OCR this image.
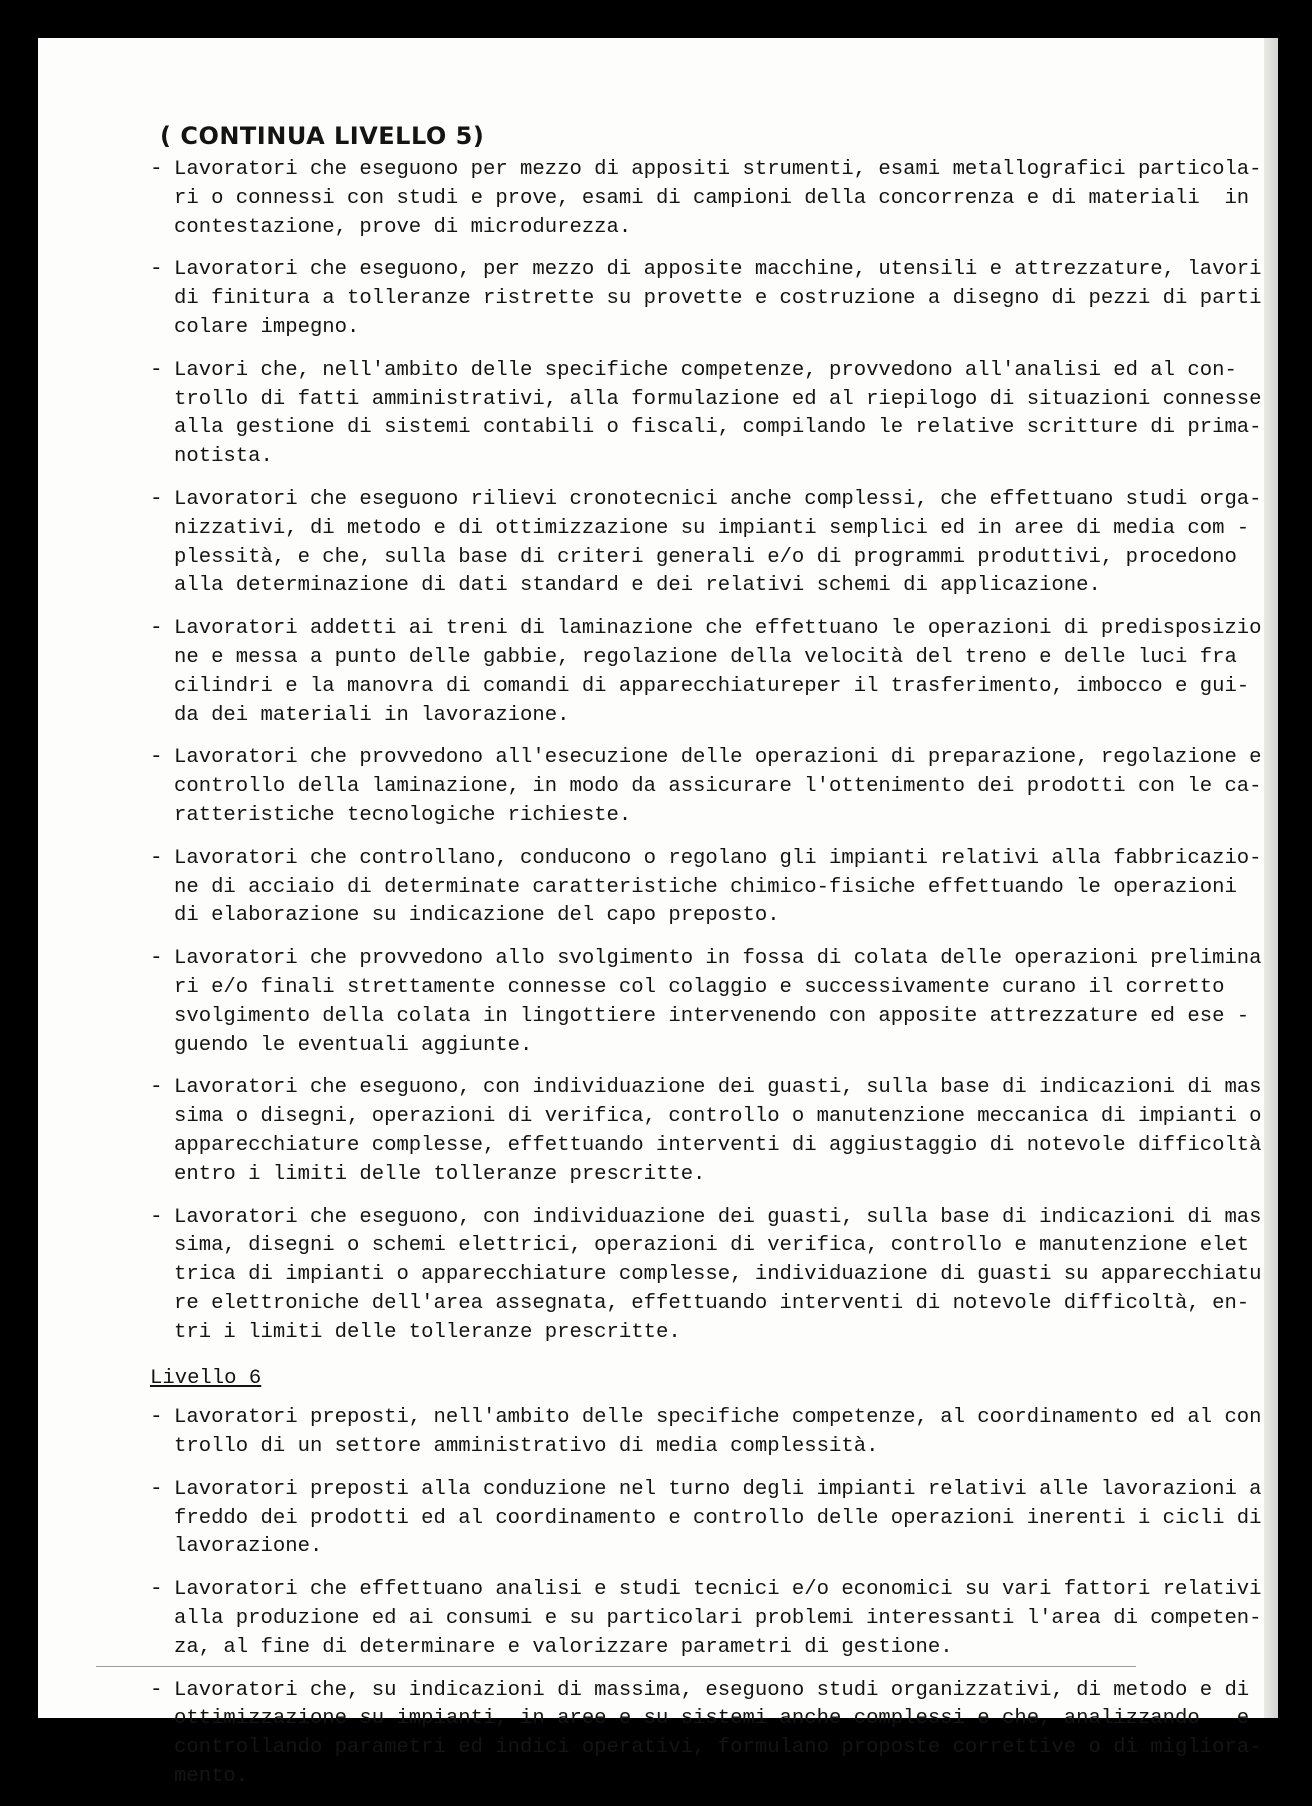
( CONTINUA LIVELLO 5)
- Lavoratori che eseguono per mezzo di appositi strumenti, esami metallografici particola-
ri o connessi con studi e prove, esami di campioni della concorrenza e di materiali  in
contestazione, prove di microdurezza.
- Lavoratori che eseguono, per mezzo di apposite macchine, utensili e attrezzature, lavori
di finitura a tolleranze ristrette su provette e costruzione a disegno di pezzi di parti
colare impegno.
- Lavori che, nell'ambito delle specifiche competenze, provvedono all'analisi ed al con-
trollo di fatti amministrativi, alla formulazione ed al riepilogo di situazioni connesse
alla gestione di sistemi contabili o fiscali, compilando le relative scritture di prima-
notista.
- Lavoratori che eseguono rilievi cronotecnici anche complessi, che effettuano studi orga-
nizzativi, di metodo e di ottimizzazione su impianti semplici ed in aree di media com -
plessità, e che, sulla base di criteri generali e/o di programmi produttivi, procedono
alla determinazione di dati standard e dei relativi schemi di applicazione.
- Lavoratori addetti ai treni di laminazione che effettuano le operazioni di predisposizio
ne e messa a punto delle gabbie, regolazione della velocità del treno e delle luci fra
cilindri e la manovra di comandi di apparecchiatureper il trasferimento, imbocco e gui-
da dei materiali in lavorazione.
- Lavoratori che provvedono all'esecuzione delle operazioni di preparazione, regolazione e
controllo della laminazione, in modo da assicurare l'ottenimento dei prodotti con le ca-
ratteristiche tecnologiche richieste.
- Lavoratori che controllano, conducono o regolano gli impianti relativi alla fabbricazio-
ne di acciaio di determinate caratteristiche chimico-fisiche effettuando le operazioni
di elaborazione su indicazione del capo preposto.
- Lavoratori che provvedono allo svolgimento in fossa di colata delle operazioni prelimina
ri e/o finali strettamente connesse col colaggio e successivamente curano il corretto
svolgimento della colata in lingottiere intervenendo con apposite attrezzature ed ese -
guendo le eventuali aggiunte.
- Lavoratori che eseguono, con individuazione dei guasti, sulla base di indicazioni di mas
sima o disegni, operazioni di verifica, controllo o manutenzione meccanica di impianti o
apparecchiature complesse, effettuando interventi di aggiustaggio di notevole difficoltà
entro i limiti delle tolleranze prescritte.
- Lavoratori che eseguono, con individuazione dei guasti, sulla base di indicazioni di mas
sima, disegni o schemi elettrici, operazioni di verifica, controllo e manutenzione elet
trica di impianti o apparecchiature complesse, individuazione di guasti su apparecchiatu
re elettroniche dell'area assegnata, effettuando interventi di notevole difficoltà, en-
tri i limiti delle tolleranze prescritte.
Livello 6
- Lavoratori preposti, nell'ambito delle specifiche competenze, al coordinamento ed al con
trollo di un settore amministrativo di media complessità.
- Lavoratori preposti alla conduzione nel turno degli impianti relativi alle lavorazioni a
freddo dei prodotti ed al coordinamento e controllo delle operazioni inerenti i cicli di
lavorazione.
- Lavoratori che effettuano analisi e studi tecnici e/o economici su vari fattori relativi
alla produzione ed ai consumi e su particolari problemi interessanti l'area di competen-
za, al fine di determinare e valorizzare parametri di gestione.
- Lavoratori che, su indicazioni di massima, eseguono studi organizzativi, di metodo e di
ottimizzazione su impianti, in aree e su sistemi anche complessi e che, analizzando   e
controllando parametri ed indici operativi, formulano proposte correttive o di migliora-
mento.
